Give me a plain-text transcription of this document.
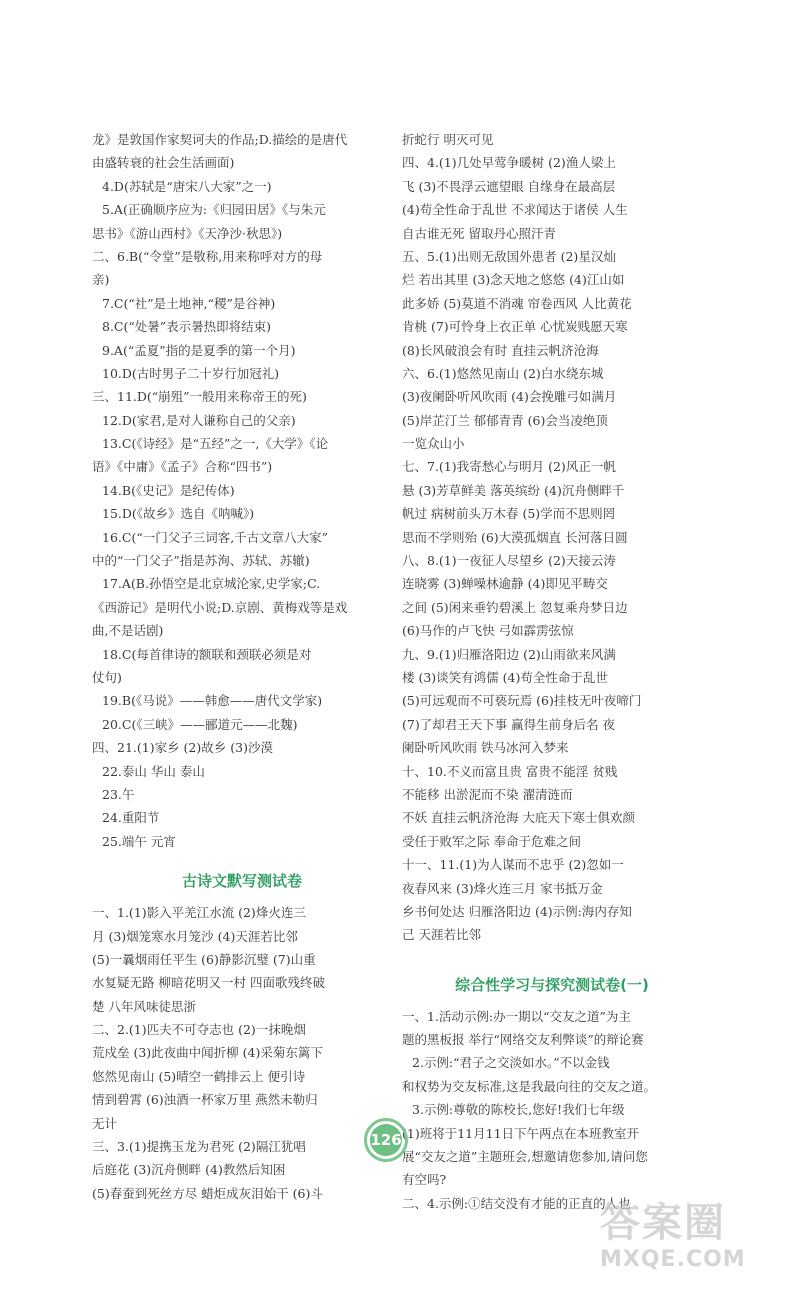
龙》是敦国作家契诃夫的作品;D.描绘的是唐代
由盛转衰的社会生活画面)
4.D(苏轼是“唐宋八大家”之一)
5.A(正确顺序应为:《归园田居》《与朱元
思书》《游山西村》《天净沙·秋思》)
二、6.B(“令堂”是敬称,用来称呼对方的母
亲)
7.C(“社”是土地神,“稷”是谷神)
8.C(“处暑”表示暑热即将结束)
9.A(“孟夏”指的是夏季的第一个月)
10.D(古时男子二十岁行加冠礼)
三、11.D(“崩殂”一般用来称帝王的死)
12.D(家君,是对人谦称自己的父亲)
13.C(《诗经》是“五经”之一,《大学》《论
语》《中庸》《孟子》合称“四书”)
14.B(《史记》是纪传体)
15.D(《故乡》选自《呐喊》)
16.C(“一门父子三词客,千古文章八大家”
中的“一门父子”指是苏洵、苏轼、苏辙)
17.A(B.孙悟空是北京城沦家,史学家;C.
《西游记》是明代小说;D.京剧、黄梅戏等是戏
曲,不是话剧)
18.C(每首律诗的额联和颈联必须是对
仗句)
19.B(《马说》——韩愈——唐代文学家)
20.C(《三峡》——郦道元——北魏)
四、21.(1)家乡 (2)故乡 (3)沙漠
22.泰山 华山 泰山
23.午
24.重阳节
25.端午 元宵
古诗文默写测试卷
一、1.(1)影入平羌江水流 (2)烽火连三
月 (3)烟笼寒水月笼沙 (4)天涯若比邻
(5)一曩烟雨任平生 (6)静影沉璧 (7)山重
水复疑无路 柳暗花明又一村 四面歌残终破
楚 八年风味徒思浙
二、2.(1)匹夫不可夺志也 (2)一抹晚烟
荒戍垒 (3)此夜曲中闻折柳 (4)采菊东篱下
悠然见南山 (5)晴空一鹤排云上 便引诗
情到碧霄 (6)浊酒一杯家万里 燕然未勒归
无计
三、3.(1)提携玉龙为君死 (2)隔江犹唱
后庭花 (3)沉舟侧畔 (4)教然后知困
(5)春蚕到死丝方尽 蜡炬成灰泪始干 (6)斗
折蛇行 明灭可见
四、4.(1)几处早莺争暖树 (2)渔人梁上
飞 (3)不畏浮云遮望眼 自缘身在最高层
(4)苟全性命于乱世 不求闻达于诸侯 人生
自古谁无死 留取丹心照汗青
五、5.(1)出则无敌国外患者 (2)星汉灿
烂 若出其里 (3)念天地之悠悠 (4)江山如
此多娇 (5)莫道不消魂 帘卷西风 人比黄花
肯桃 (7)可怜身上衣正单 心忧炭贱愿天寒
(8)长风破浪会有时 直挂云帆济沧海
六、6.(1)悠然见南山 (2)白水绕东城
(3)夜阑卧听风吹雨 (4)会挽雕弓如满月
(5)岸芷汀兰 郁郁青青 (6)会当凌绝顶
一览众山小
七、7.(1)我寄愁心与明月 (2)风正一帆
悬 (3)芳草鲜美 落英缤纷 (4)沉舟侧畔千
帆过 病树前头万木春 (5)学而不思则罔
思而不学则殆 (6)大漠孤烟直 长河落日圆
八、8.(1)一夜征人尽望乡 (2)天接云涛
连晓雾 (3)蝉噪林逾静 (4)即见平畴交
之间 (5)闲来垂钓碧溪上 忽复乘舟梦日边
(6)马作的卢飞快 弓如霹雳弦惊
九、9.(1)归雁洛阳边 (2)山雨欲来风满
楼 (3)谈笑有鸿儒 (4)苟全性命于乱世
(5)可远观而不可亵玩焉 (6)挂枝无叶夜啼门
(7)了却君王天下事 赢得生前身后名 夜
阑卧听风吹雨 铁马冰河入梦来
十、10.不义而富且贵 富贵不能淫 贫贱
不能移 出淤泥而不染 濯清涟而
不妖 直挂云帆济沧海 大庇天下寒士俱欢颜
受任于败军之际 奉命于危难之间
十一、11.(1)为人谋而不忠乎 (2)忽如一
夜春风来 (3)烽火连三月 家书抵万金
乡书何处达 归雁洛阳边 (4)示例:海内存知
己 天涯若比邻
综合性学习与探究测试卷(一)
一、1.活动示例:办一期以“交友之道”为主
题的黑板报 举行“网络交友利弊谈”的辩论赛
2.示例:“君子之交淡如水。”不以金钱
和权势为交友标准,这是我最向往的交友之道。
3.示例:尊敬的陈校长,您好!我们七年级
(1)班将于11月11日下午两点在本班教室开
展“交友之道”主题班会,想邀请您参加,请问您
有空吗?
二、4.示例:①结交没有才能的正直的人也
126
答案圈
MXQE.COM
